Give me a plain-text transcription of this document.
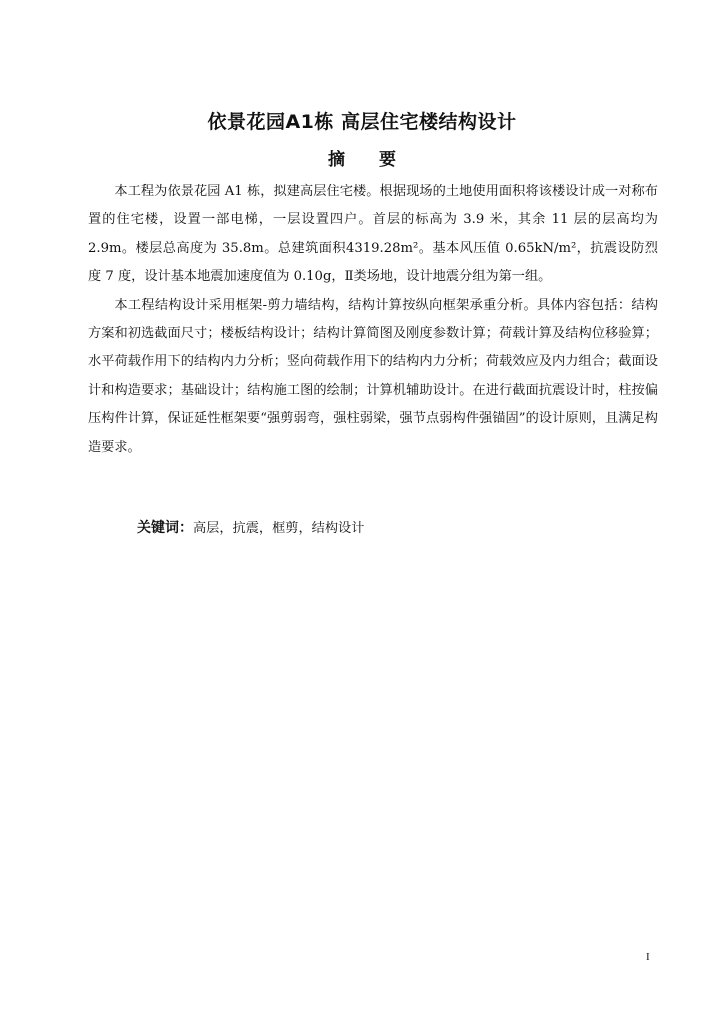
依景花园A1栋 高层住宅楼结构设计
摘 要

本工程为依景花园 A1 栋，拟建高层住宅楼。根据现场的土地使用面积将该楼设计成一对称布置的住宅楼，设置一部电梯，一层设置四户。首层的标高为 3.9 米，其余 11 层的层高均为 2.9m。楼层总高度为 35.8m。总建筑面积4319.28m²。基本风压值 0.65kN/m²，抗震设防烈度 7 度，设计基本地震加速度值为 0.10g，Ⅱ类场地，设计地震分组为第一组。

本工程结构设计采用框架-剪力墙结构，结构计算按纵向框架承重分析。具体内容包括：结构方案和初选截面尺寸；楼板结构设计；结构计算简图及刚度参数计算；荷载计算及结构位移验算；水平荷载作用下的结构内力分析；竖向荷载作用下的结构内力分析；荷载效应及内力组合；截面设计和构造要求；基础设计；结构施工图的绘制；计算机辅助设计。在进行截面抗震设计时，柱按偏压构件计算，保证延性框架要“强剪弱弯，强柱弱梁，强节点弱构件强锚固”的设计原则，且满足构造要求。

关键词：高层，抗震，框剪，结构设计
I
